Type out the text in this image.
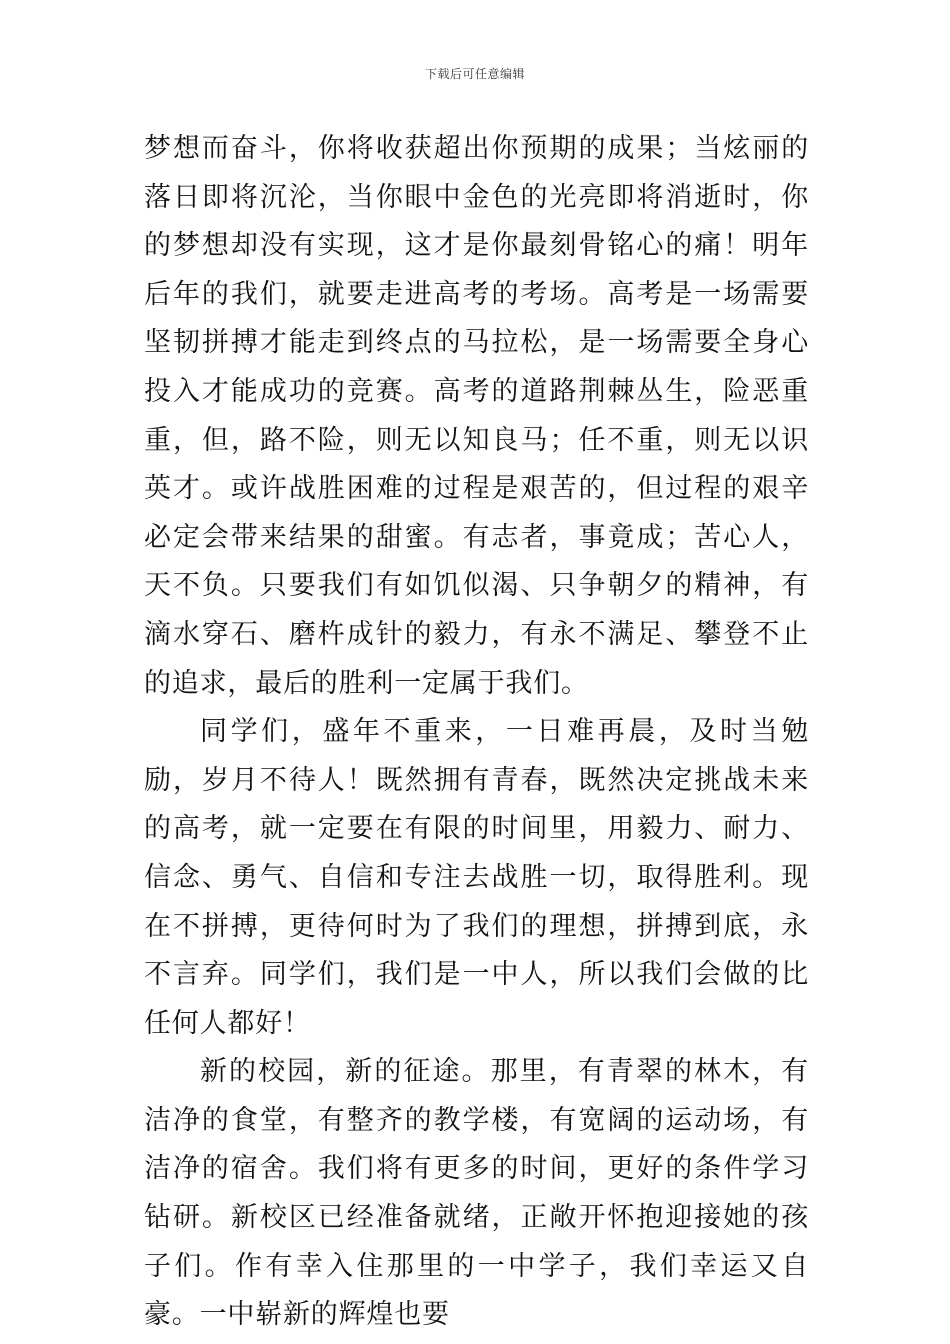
下载后可任意编辑

梦想而奋斗，你将收获超出你预期的成果；当炫丽的落日即将沉沦，当你眼中金色的光亮即将消逝时，你的梦想却没有实现，这才是你最刻骨铭心的痛！明年后年的我们，就要走进高考的考场。高考是一场需要坚韧拼搏才能走到终点的马拉松，是一场需要全身心投入才能成功的竞赛。高考的道路荆棘丛生，险恶重重，但，路不险，则无以知良马；任不重，则无以识英才。或许战胜困难的过程是艰苦的，但过程的艰辛必定会带来结果的甜蜜。有志者，事竟成；苦心人，天不负。只要我们有如饥似渴、只争朝夕的精神，有滴水穿石、磨杵成针的毅力，有永不满足、攀登不止的追求，最后的胜利一定属于我们。

同学们，盛年不重来，一日难再晨，及时当勉励，岁月不待人！既然拥有青春，既然决定挑战未来的高考，就一定要在有限的时间里，用毅力、耐力、信念、勇气、自信和专注去战胜一切，取得胜利。现在不拼搏，更待何时为了我们的理想，拼搏到底，永不言弃。同学们，我们是一中人，所以我们会做的比任何人都好！

新的校园，新的征途。那里，有青翠的林木，有洁净的食堂，有整齐的教学楼，有宽阔的运动场，有洁净的宿舍。我们将有更多的时间，更好的条件学习钻研。新校区已经准备就绪，正敞开怀抱迎接她的孩子们。作有幸入住那里的一中学子，我们幸运又自豪。一中崭新的辉煌也要
